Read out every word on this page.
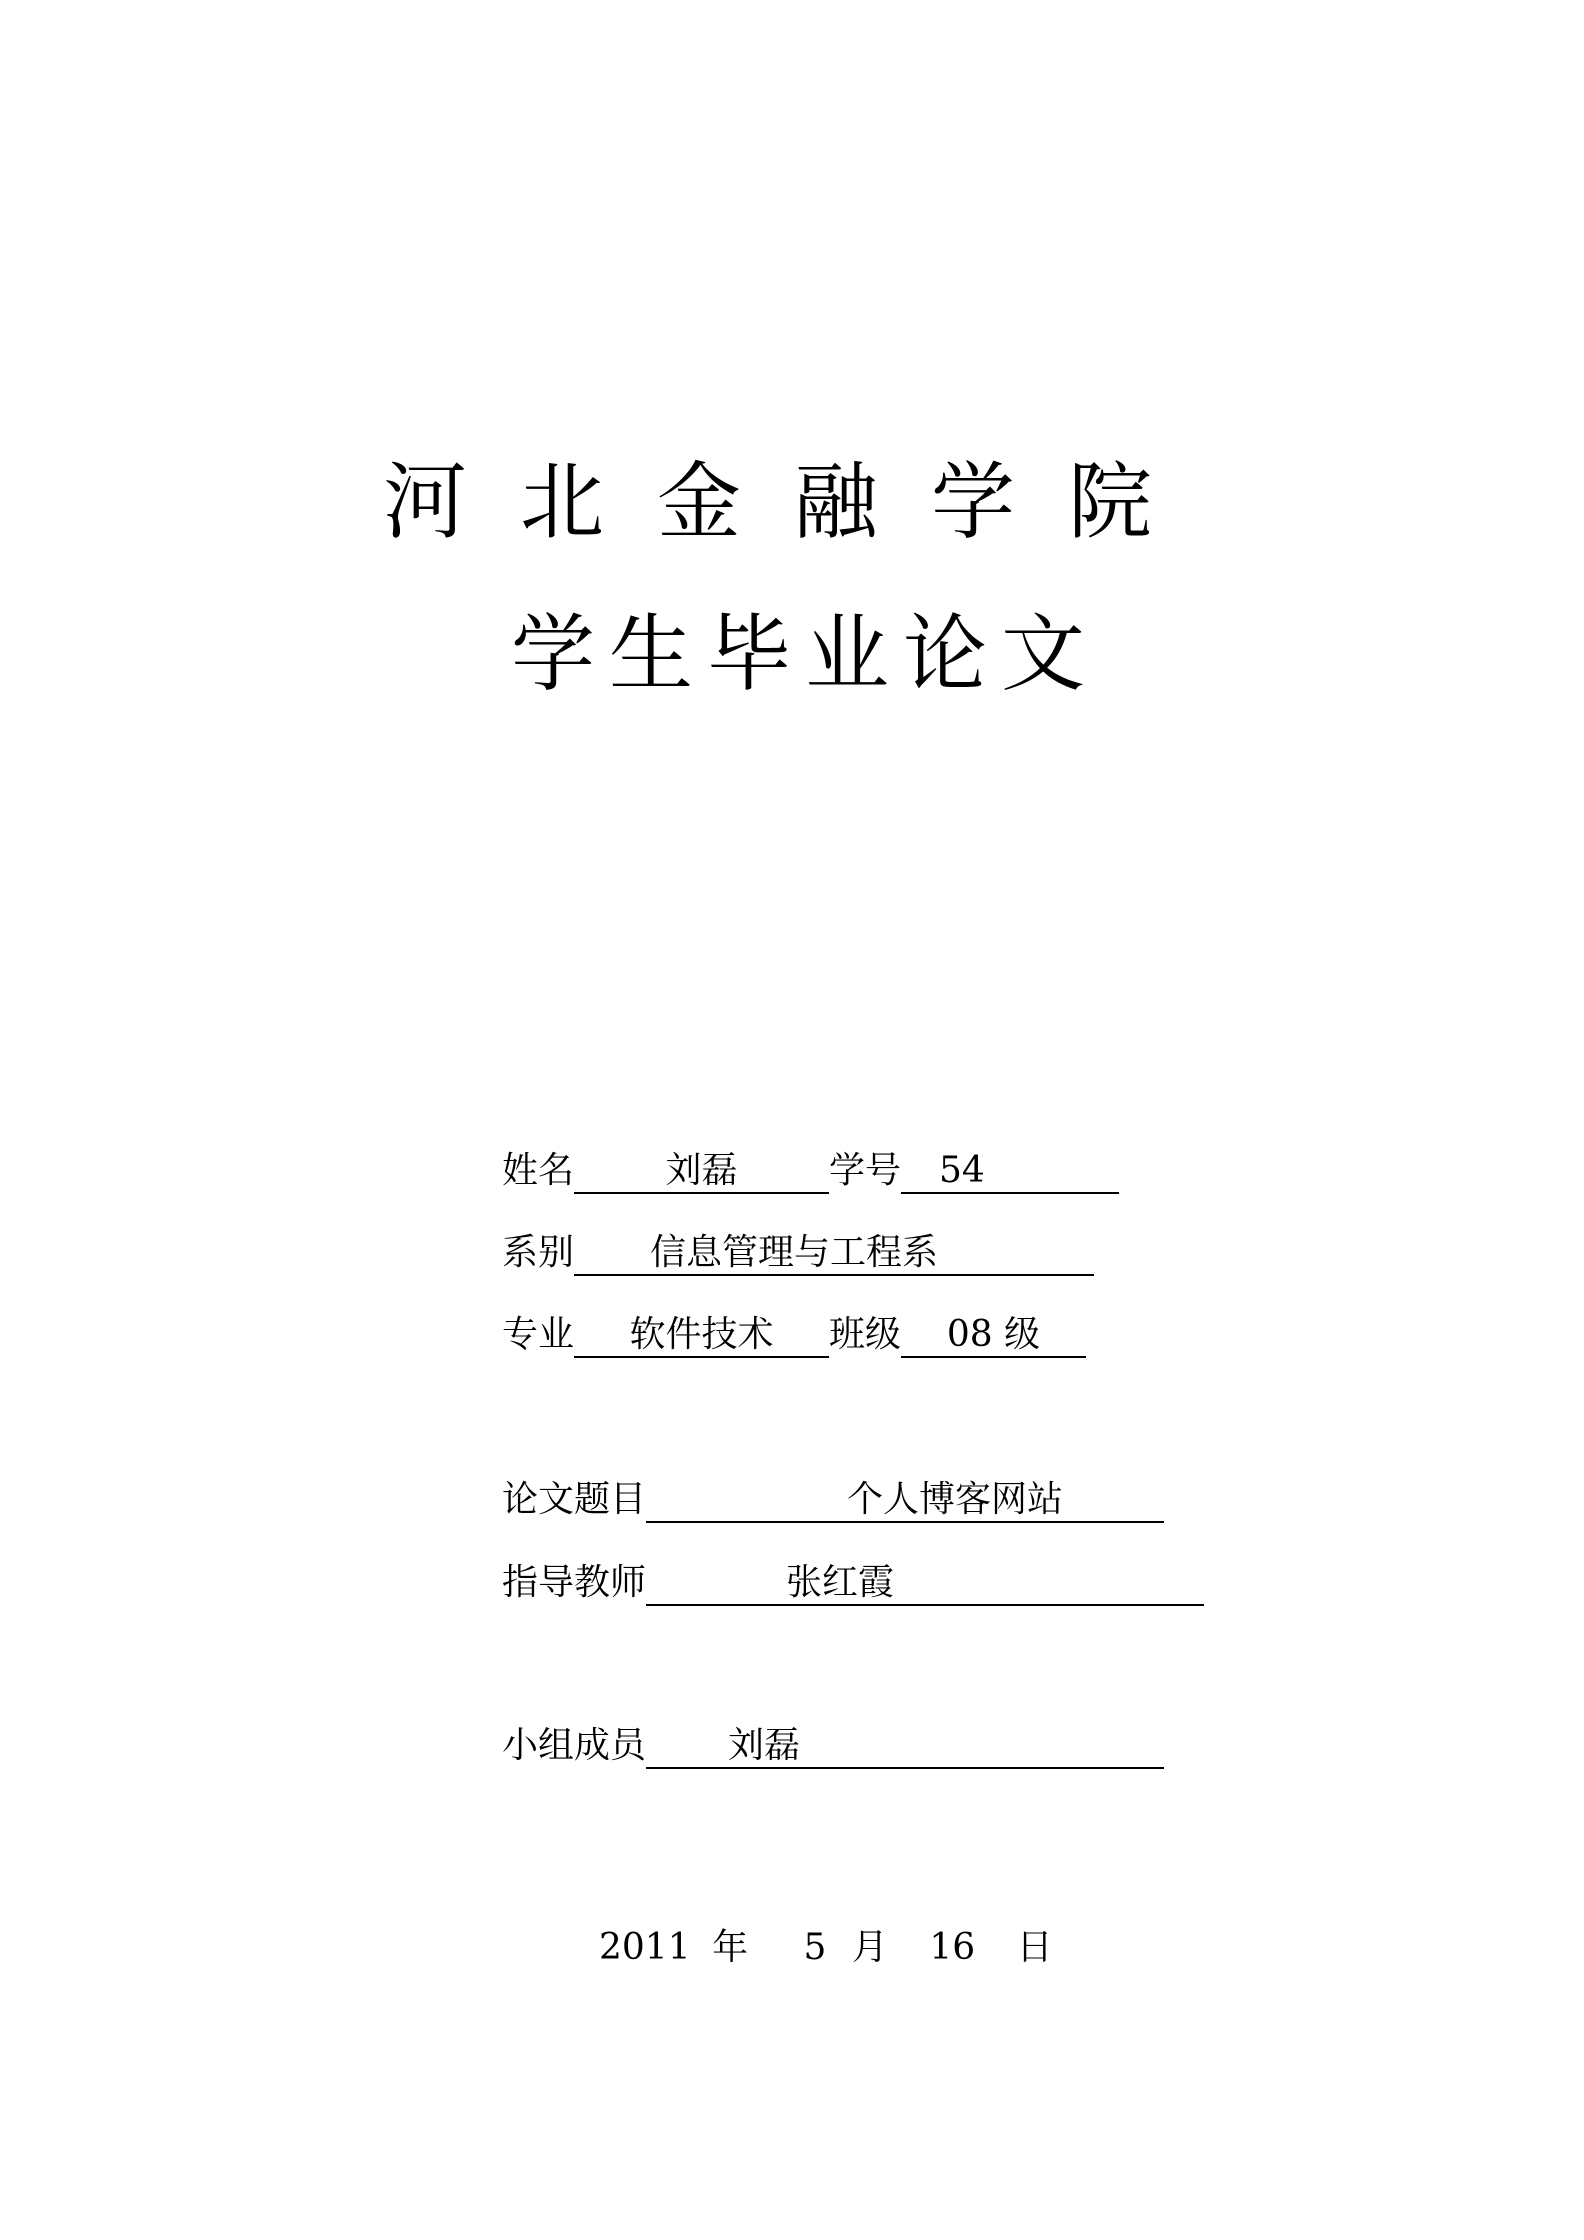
河北金融学院
学生毕业论文
姓名	刘磊	学号 54
系别 信息管理与工程系
专业 软件技术 班级 08 级
论文题目	个人博客网站
指导教师	张红霞
小组成员 刘磊
2011 年 5 月 16 日
